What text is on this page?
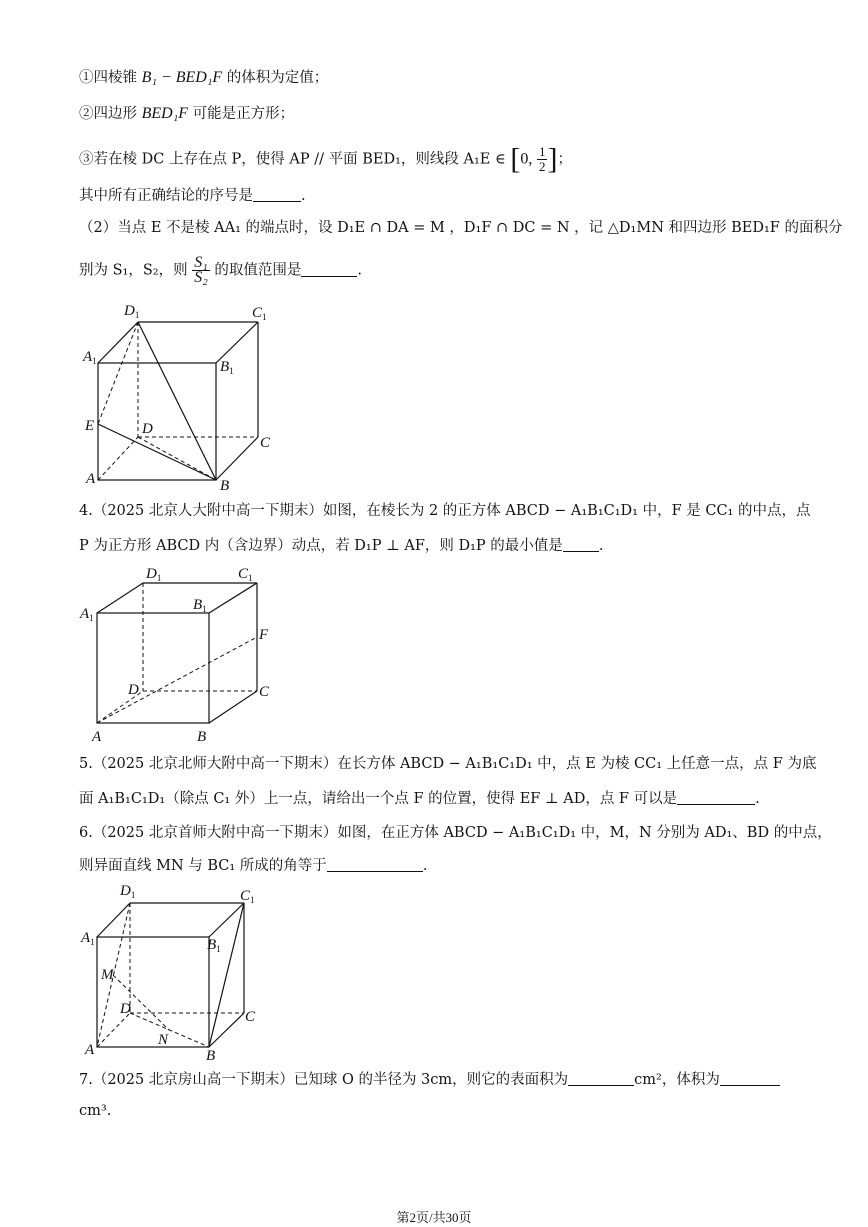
①四棱锥 B₁ − BED₁F 的体积为定值；
②四边形 BED₁F 可能是正方形；
③若在棱 DC 上存在点 P，使得 AP // 平面 BED₁，则线段 A₁E ∈ [0, $\frac{1}{2}$ ]；
其中所有正确结论的序号是	.
（2）当点 E 不是棱 AA₁ 的端点时，设 D₁E ∩ DA = M ，D₁F ∩ DC = N ，记 △D₁MN 和四边形 BED₁F 的面积分
别为 S₁，S₂，则 $\frac{\text{S₁}}{\text{S₂}}$ 的取值范围是	.
$D_1$	$C_1$
$A_1$	$B_1$
E	D
C
A	B
4.（2025 北京人大附中高一下期末）如图，在棱长为 2 的正方体 ABCD − A₁B₁C₁D₁ 中，F 是 CC₁ 的中点，点
P 为正方形 ABCD 内（含边界）动点，若 D₁P ⊥ AF，则 D₁P 的最小值是 .
$D_1$	$C_1$
$A_1$
$B_1$
F
D	C
A	B
5.（2025 北京北师大附中高一下期末）在长方体 ABCD − A₁B₁C₁D₁ 中，点 E 为棱 CC₁ 上任意一点，点 F 为底
面 A₁B₁C₁D₁（除点 C₁ 外）上一点，请给出一个点 F 的位置，使得 EF ⊥ AD，点 F 可以是	.
6.（2025 北京首师大附中高一下期末）如图，在正方体 ABCD − A₁B₁C₁D₁ 中，M，N 分别为 AD₁、BD 的中点，
则异面直线 MN 与 BC₁ 所成的角等于	.
$D_1$	$C_1$
$A_1$	$B_1$
M
D	C
N
A	B
7.（2025 北京房山高一下期末）已知球 O 的半径为 3cm，则它的表面积为	cm²，体积为
cm³.
第2页/共30页
